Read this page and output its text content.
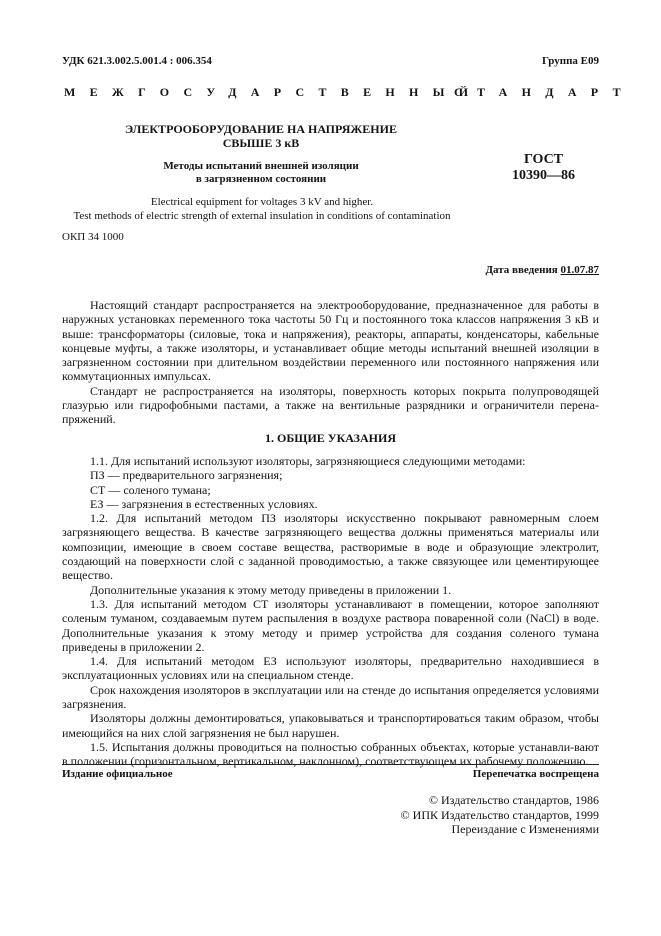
УДК 621.3.002.5.001.4 : 006.354	Группа Е09
МЕЖГОСУДАРСТВЕННЫЙ
СТАНДАРТ
ЭЛЕКТРООБОРУДОВАНИЕ НА НАПРЯЖЕНИЕ
СВЫШЕ 3 кВ
Методы испытаний внешней изоляции
в загрязненном состоянии
ГОСТ
10390—86
Electrical equipment for voltages 3 kV and higher.
Test methods of electric strength of external insulation in conditions of contamination
ОКП 34 1000
Дата введения 01.07.87

Настоящий стандарт распространяется на электрооборудование, предназначенное для работы в наружных установках переменного тока частоты 50 Гц и постоянного тока классов напряжения 3 кВ и выше: трансформаторы (силовые, тока и напряжения), реакторы, аппараты, конденсаторы, кабельные концевые муфты, а также изоляторы, и устанавливает общие методы испытаний внешней изоляции в загрязненном состоянии при длительном воздействии переменного или постоянного напряжения или коммутационных импульсах.

Стандарт не распространяется на изоляторы, поверхность которых покрыта полупроводящей глазурью или гидрофобными пастами, а также на вентильные разрядники и ограничители перена-пряжений.

1. ОБЩИЕ УКАЗАНИЯ

1.1. Для испытаний используют изоляторы, загрязняющиеся следующими методами:

ПЗ — предварительного загрязнения;

СТ — соленого тумана;

ЕЗ — загрязнения в естественных условиях.

1.2. Для испытаний методом ПЗ изоляторы искусственно покрывают равномерным слоем загрязняющего вещества. В качестве загрязняющего вещества должны применяться материалы или композиции, имеющие в своем составе вещества, растворимые в воде и образующие электролит, создающий на поверхности слой с заданной проводимостью, а также связующее или цементирующее вещество.

Дополнительные указания к этому методу приведены в приложении 1.

1.3. Для испытаний методом СТ изоляторы устанавливают в помещении, которое заполняют соленым туманом, создаваемым путем распыления в воздухе раствора поваренной соли (NaCl) в воде. Дополнительные указания к этому методу и пример устройства для создания соленого тумана приведены в приложении 2.

1.4. Для испытаний методом ЕЗ используют изоляторы, предварительно находившиеся в эксплуатационных условиях или на специальном стенде.

Срок нахождения изоляторов в эксплуатации или на стенде до испытания определяется условиями загрязнения.

Изоляторы должны демонтироваться, упаковываться и транспортироваться таким образом, чтобы имеющийся на них слой загрязнения не был нарушен.

1.5. Испытания должны проводиться на полностью собранных объектах, которые устанавли-вают в положении (горизонтальном, вертикальном, наклонном), соответствующем их рабочему положению.

Издание официальное	Перепечатка воспрещена
© Издательство стандартов, 1986
© ИПК Издательство стандартов, 1999
Переиздание с Изменениями
